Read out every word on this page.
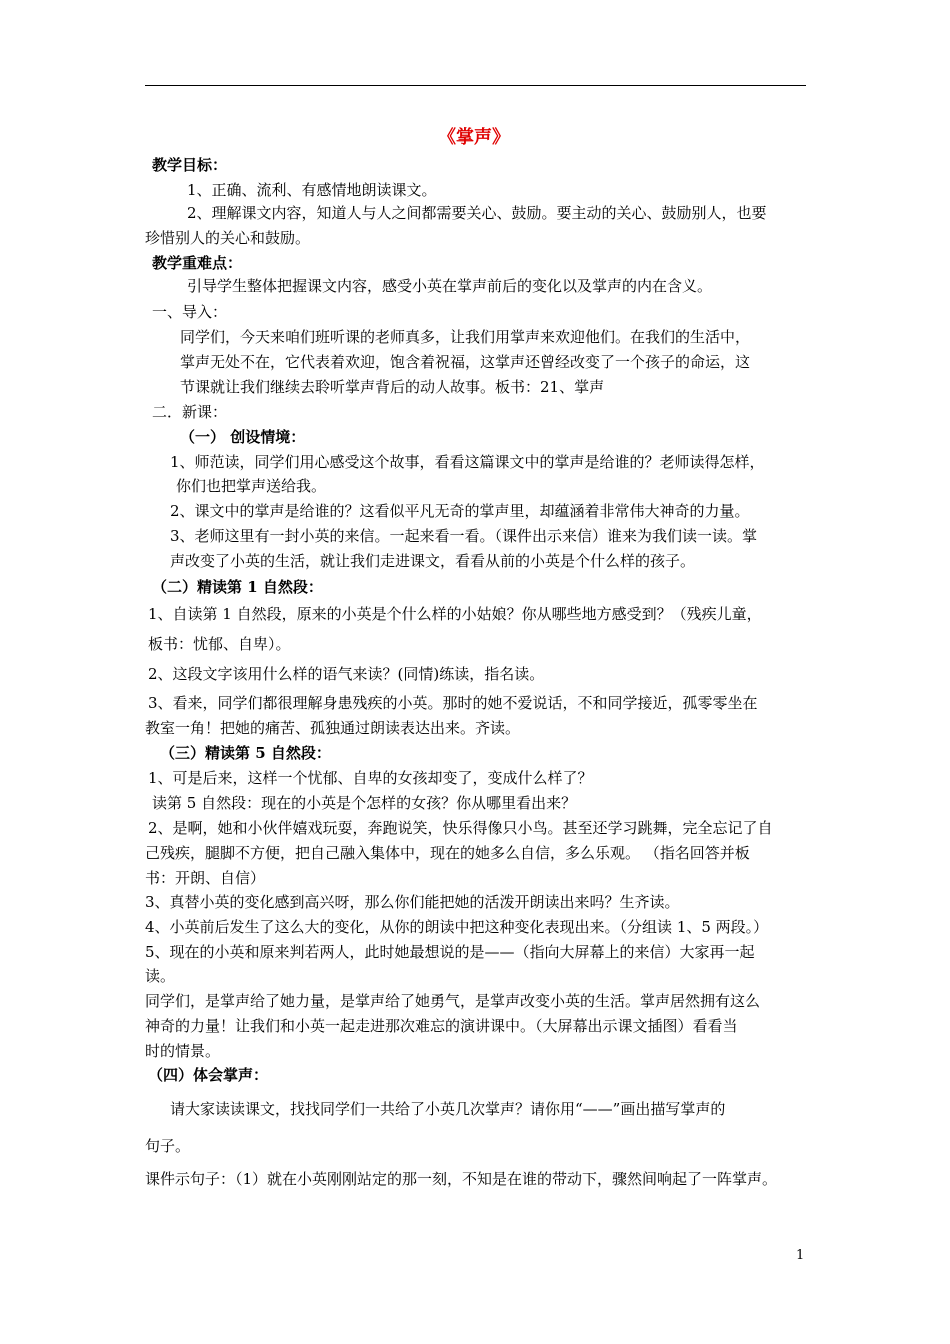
《掌声》
教学目标：
1、正确、流利、有感情地朗读课文。
2、理解课文内容，知道人与人之间都需要关心、鼓励。要主动的关心、鼓励别人，也要
珍惜别人的关心和鼓励。
教学重难点：
引导学生整体把握课文内容，感受小英在掌声前后的变化以及掌声的内在含义。
一、导入：
同学们，今天来咱们班听课的老师真多，让我们用掌声来欢迎他们。在我们的生活中，
掌声无处不在，它代表着欢迎，饱含着祝福，这掌声还曾经改变了一个孩子的命运，这
节课就让我们继续去聆听掌声背后的动人故事。板书：21、掌声
二．新课：
（一） 创设情境：
1、师范读，同学们用心感受这个故事，看看这篇课文中的掌声是给谁的？老师读得怎样，
你们也把掌声送给我。
2、课文中的掌声是给谁的？这看似平凡无奇的掌声里，却蕴涵着非常伟大神奇的力量。
3、老师这里有一封小英的来信。一起来看一看。（课件出示来信）谁来为我们读一读。掌
声改变了小英的生活，就让我们走进课文，看看从前的小英是个什么样的孩子。
（二）精读第 1 自然段：
1、自读第 1 自然段，原来的小英是个什么样的小姑娘？你从哪些地方感受到？（残疾儿童，
板书：忧郁、自卑）。
2、这段文字该用什么样的语气来读？(同情)练读，指名读。
3、看来，同学们都很理解身患残疾的小英。那时的她不爱说话，不和同学接近，孤零零坐在
教室一角！把她的痛苦、孤独通过朗读表达出来。齐读。
（三）精读第 5 自然段：
1、可是后来，这样一个忧郁、自卑的女孩却变了，变成什么样了？
读第 5 自然段：现在的小英是个怎样的女孩？你从哪里看出来？
2、是啊，她和小伙伴嬉戏玩耍，奔跑说笑，快乐得像只小鸟。甚至还学习跳舞，完全忘记了自
己残疾，腿脚不方便，把自己融入集体中，现在的她多么自信，多么乐观。 （指名回答并板
书：开朗、自信）
3、真替小英的变化感到高兴呀，那么你们能把她的活泼开朗读出来吗？生齐读。
4、小英前后发生了这么大的变化，从你的朗读中把这种变化表现出来。（分组读 1、5 两段。）
5、现在的小英和原来判若两人，此时她最想说的是——（指向大屏幕上的来信）大家再一起
读。
同学们，是掌声给了她力量，是掌声给了她勇气，是掌声改变小英的生活。掌声居然拥有这么
神奇的力量！让我们和小英一起走进那次难忘的演讲课中。（大屏幕出示课文插图）看看当
时的情景。
（四）体会掌声：
请大家读读课文，找找同学们一共给了小英几次掌声？请你用“——”画出描写掌声的
句子。
课件示句子：（1）就在小英刚刚站定的那一刻，不知是在谁的带动下，骤然间响起了一阵掌声。
1
